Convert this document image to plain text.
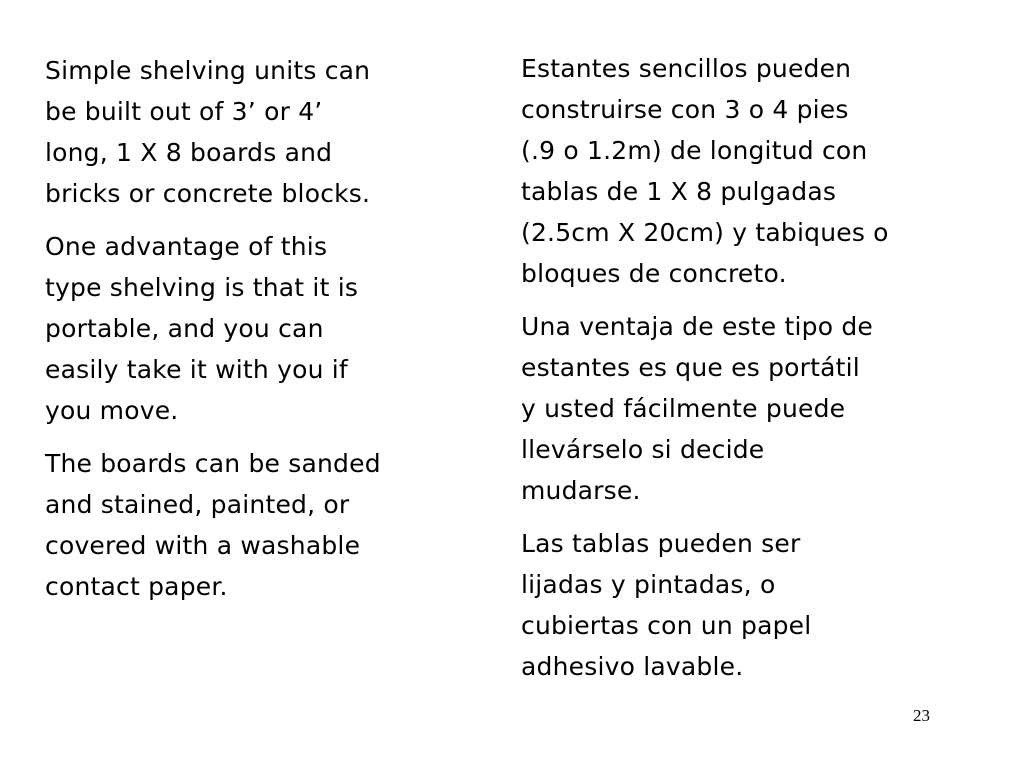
Simple shelving units can
be built out of 3’ or 4’
long, 1 X 8 boards and
bricks or concrete blocks.

One advantage of this
type shelving is that it is
portable, and you can
easily take it with you if
you move.

The boards can be sanded
and stained, painted, or
covered with a washable
contact paper.

Estantes sencillos pueden
construirse con 3 o 4 pies
(.9 o 1.2m) de longitud con
tablas de 1 X 8 pulgadas
(2.5cm X 20cm) y tabiques o
bloques de concreto.

Una ventaja de este tipo de
estantes es que es portátil
y usted fácilmente puede
llevárselo si decide
mudarse.

Las tablas pueden ser
lijadas y pintadas, o
cubiertas con un papel
adhesivo lavable.

23
